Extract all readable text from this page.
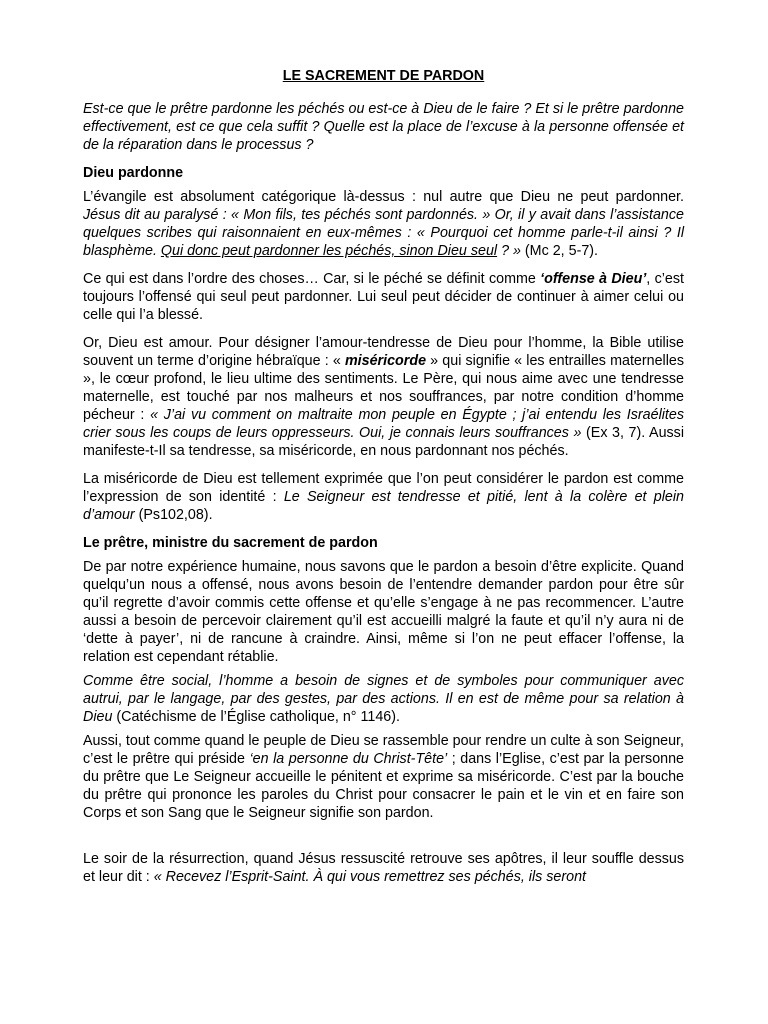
LE SACREMENT DE PARDON

Est-ce que le prêtre pardonne les péchés ou est-ce à Dieu de le faire ? Et si le prêtre pardonne effectivement, est ce que cela suffit ? Quelle est la place de l’excuse à la personne offensée et de la réparation dans le processus ?

Dieu pardonne

L’évangile est absolument catégorique là-dessus : nul autre que Dieu ne peut pardonner. Jésus dit au paralysé : « Mon fils, tes péchés sont pardonnés. » Or, il y avait dans l’assistance quelques scribes qui raisonnaient en eux-mêmes : « Pourquoi cet homme parle-t-il ainsi ? Il blasphème. Qui donc peut pardonner les péchés, sinon Dieu seul ? » (Mc 2, 5-7).

Ce qui est dans l’ordre des choses… Car, si le péché se définit comme ‘offense à Dieu’, c’est toujours l’offensé qui seul peut pardonner. Lui seul peut décider de continuer à aimer celui ou celle qui l’a blessé.

Or, Dieu est amour. Pour désigner l’amour-tendresse de Dieu pour l’homme, la Bible utilise souvent un terme d’origine hébraïque : « miséricorde » qui signifie « les entrailles maternelles », le cœur profond, le lieu ultime des sentiments. Le Père, qui nous aime avec une tendresse maternelle, est touché par nos malheurs et nos souffrances, par notre condition d’homme pécheur : « J’ai vu comment on maltraite mon peuple en Égypte ; j’ai entendu les Israélites crier sous les coups de leurs oppresseurs. Oui, je connais leurs souffrances » (Ex 3, 7). Aussi manifeste-t-Il sa tendresse, sa miséricorde, en nous pardonnant nos péchés.

La miséricorde de Dieu est tellement exprimée que l’on peut considérer le pardon est comme l’expression de son identité : Le Seigneur est tendresse et pitié, lent à la colère et plein d’amour (Ps102,08).

Le prêtre, ministre du sacrement de pardon

De par notre expérience humaine, nous savons que le pardon a besoin d’être explicite. Quand quelqu’un nous a offensé, nous avons besoin de l’entendre demander pardon pour être sûr qu’il regrette d’avoir commis cette offense et qu’elle s’engage à ne pas recommencer. L’autre aussi a besoin de percevoir clairement qu’il est accueilli malgré la faute et qu’il n’y aura ni de ‘dette à payer’, ni de rancune à craindre. Ainsi, même si l’on ne peut effacer l’offense, la relation est cependant rétablie.

Comme être social, l’homme a besoin de signes et de symboles pour communiquer avec autrui, par le langage, par des gestes, par des actions. Il en est de même pour sa relation à Dieu (Catéchisme de l’Église catholique, n° 1146).

Aussi, tout comme quand le peuple de Dieu se rassemble pour rendre un culte à son Seigneur, c’est le prêtre qui préside ‘en la personne du Christ-Tête’ ; dans l’Eglise, c’est par la personne du prêtre que Le Seigneur accueille le pénitent et exprime sa miséricorde. C’est par la bouche du prêtre qui prononce les paroles du Christ pour consacrer le pain et le vin et en faire son Corps et son Sang que le Seigneur signifie son pardon.

Le soir de la résurrection, quand Jésus ressuscité retrouve ses apôtres, il leur souffle dessus et leur dit : « Recevez l’Esprit-Saint. À qui vous remettrez ses péchés, ils seront
